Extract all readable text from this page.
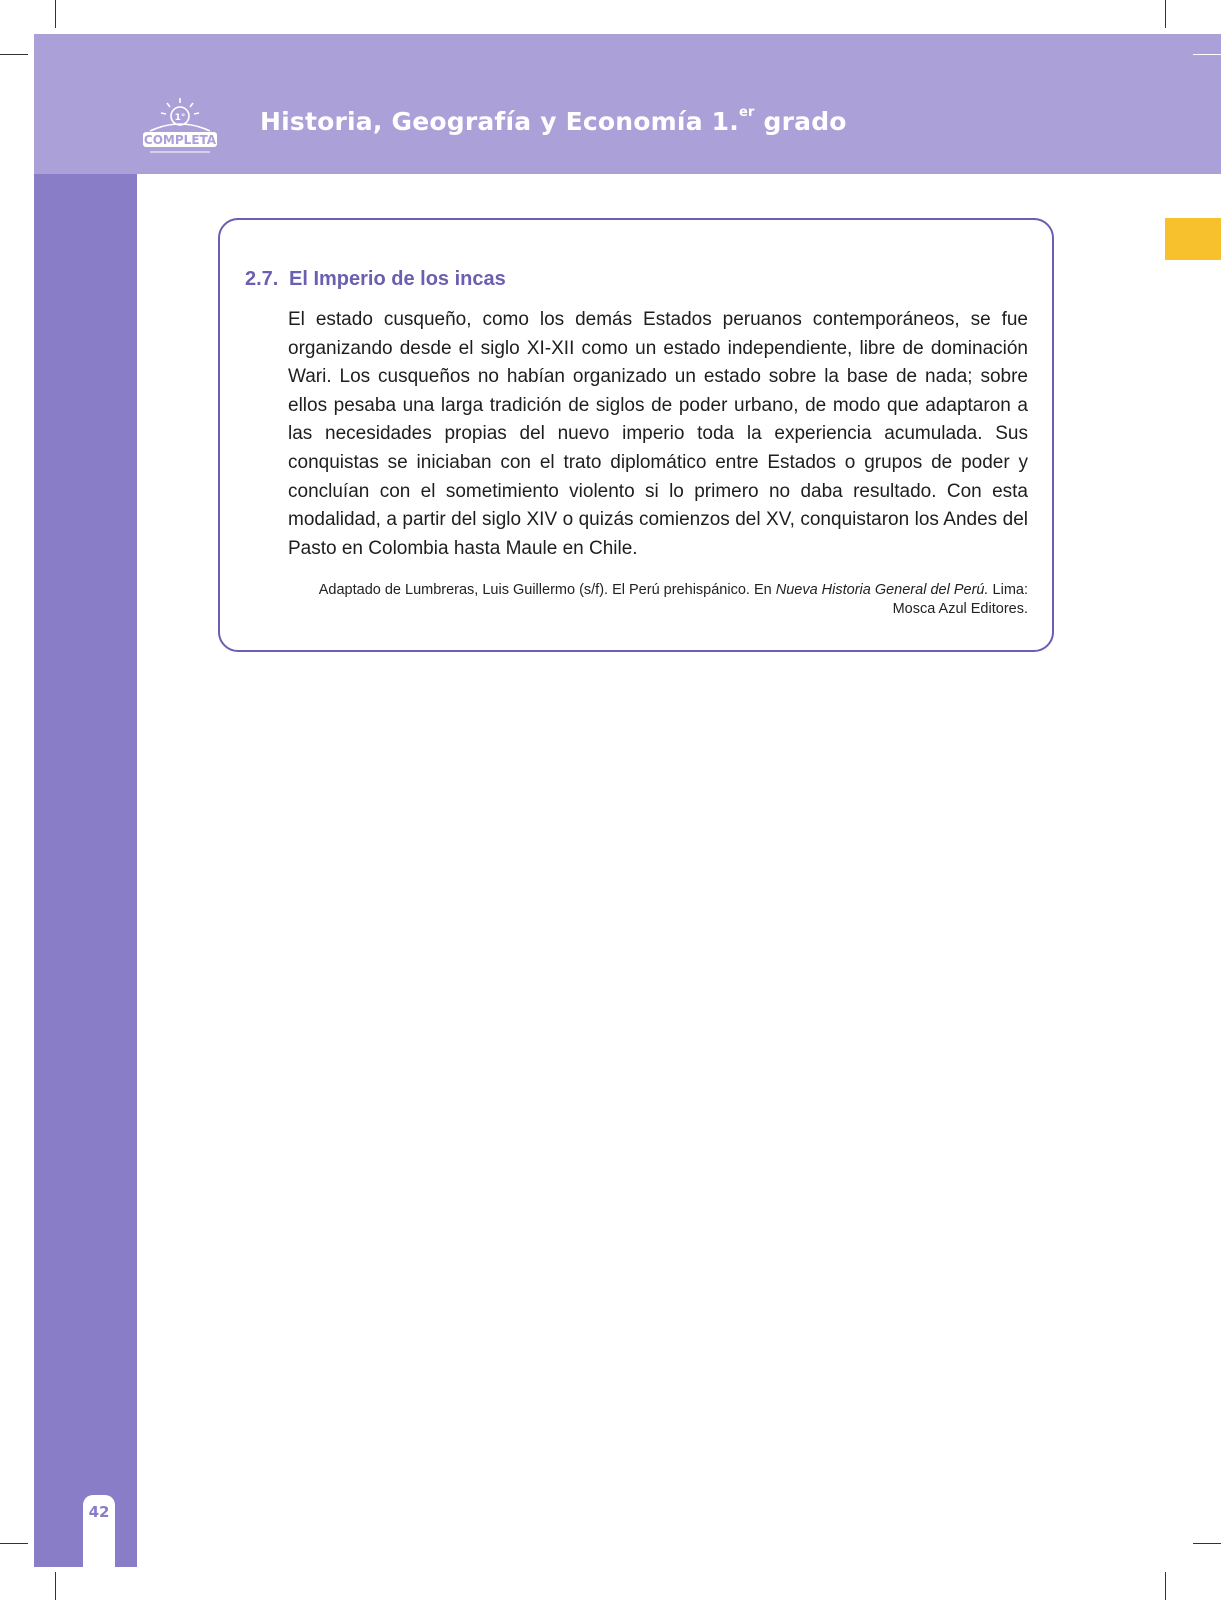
1°
COMPLETA
Historia, Geografía y Economía 1.$^{er}$ grado
42
2.7. El Imperio de los incas

El estado cusqueño, como los demás Estados peruanos contemporáneos, se fue organizando desde el siglo XI-XII como un estado independiente, libre de dominación Wari. Los cusqueños no habían organizado un estado sobre la base de nada; sobre ellos pesaba una larga tradición de siglos de poder urbano, de modo que adaptaron a las necesidades propias del nuevo imperio toda la experiencia acumulada. Sus conquistas se iniciaban con el trato diplomático entre Estados o grupos de poder y concluían con el sometimiento violento si lo primero no daba resultado. Con esta modalidad, a partir del siglo XIV o quizás comienzos del XV, conquistaron los Andes del Pasto en Colombia hasta Maule en Chile.

Adaptado de Lumbreras, Luis Guillermo (s/f). El Perú prehispánico. En Nueva Historia General del Perú. Lima: Mosca Azul Editores.
